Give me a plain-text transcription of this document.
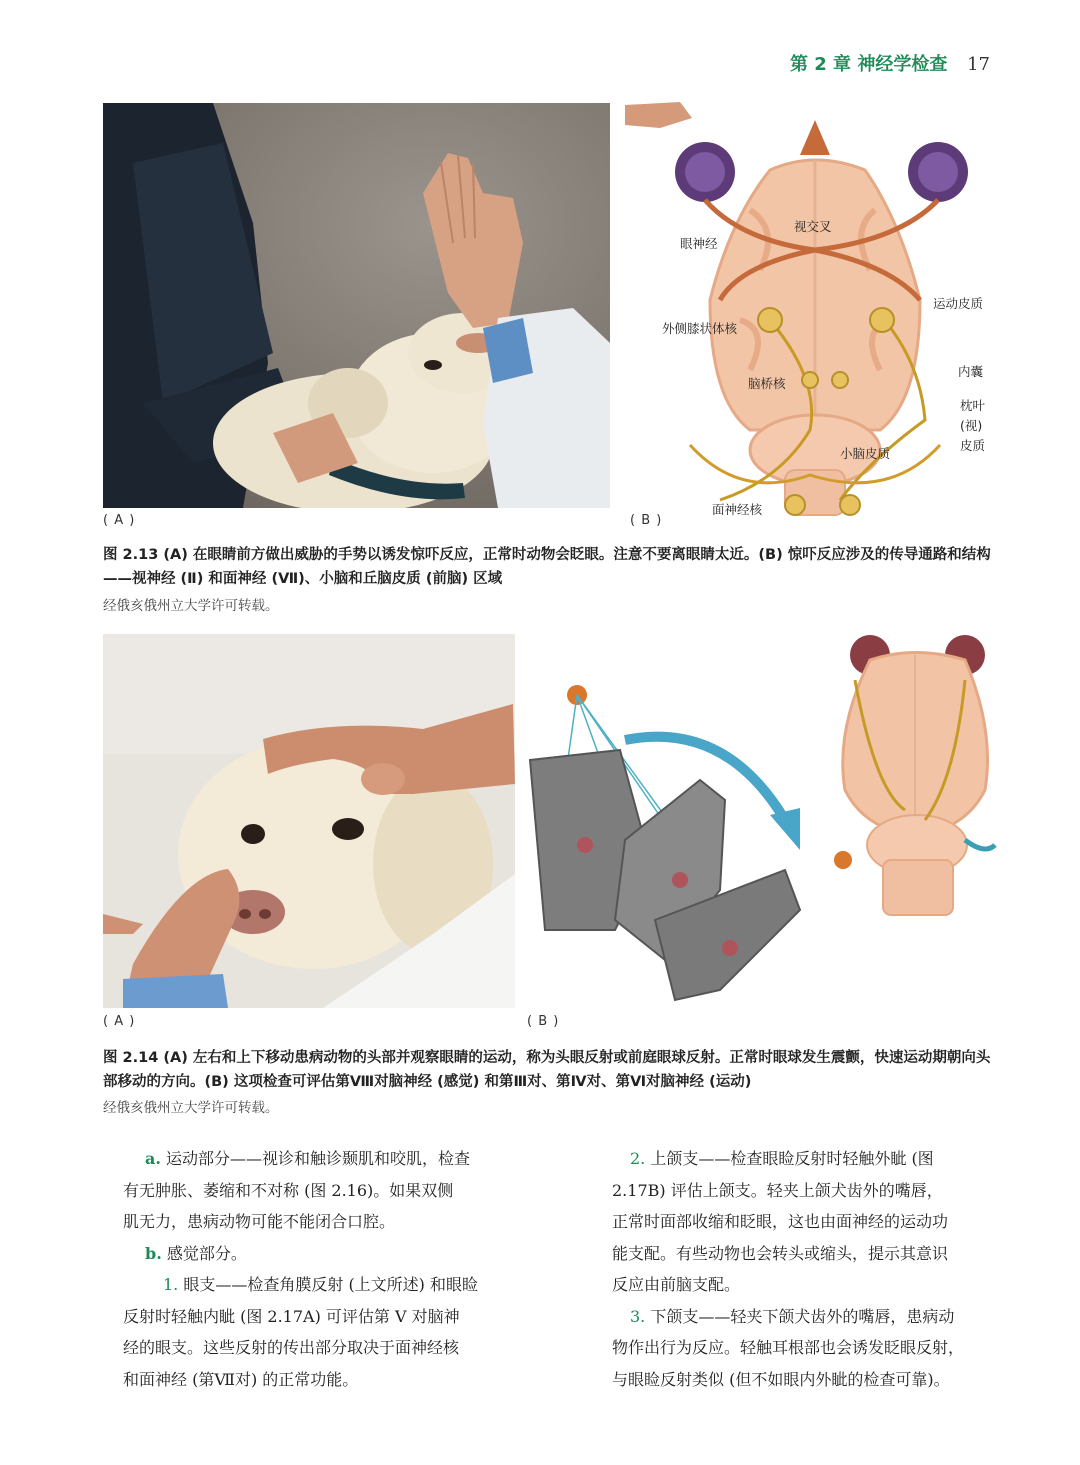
第 2 章 神经学检查 17
( A )
视交叉
眼神经
运动皮质
外侧膝状体核
内囊
脑桥核
枕叶
(视)
皮质
小脑皮质
面神经核
( B )
图 2.13 (A) 在眼睛前方做出威胁的手势以诱发惊吓反应，正常时动物会眨眼。注意不要离眼睛太近。(B) 惊吓反应涉及的传导通路和结构——视神经 (Ⅱ) 和面神经 (Ⅶ)、小脑和丘脑皮质 (前脑) 区域
经俄亥俄州立大学许可转载。
( A )	( B )
图 2.14 (A) 左右和上下移动患病动物的头部并观察眼睛的运动，称为头眼反射或前庭眼球反射。正常时眼球发生震颤，快速运动期朝向头部移动的方向。(B) 这项检查可评估第Ⅷ对脑神经 (感觉) 和第Ⅲ对、第Ⅳ对、第Ⅵ对脑神经 (运动)
经俄亥俄州立大学许可转载。

a. 运动部分——视诊和触诊颞肌和咬肌，检查

有无肿胀、萎缩和不对称 (图 2.16)。如果双侧

肌无力，患病动物可能不能闭合口腔。

b. 感觉部分。

1. 眼支——检查角膜反射 (上文所述) 和眼睑

反射时轻触内眦 (图 2.17A) 可评估第 Ⅴ 对脑神

经的眼支。这些反射的传出部分取决于面神经核

和面神经 (第Ⅶ对) 的正常功能。

2. 上颌支——检查眼睑反射时轻触外眦 (图

2.17B) 评估上颌支。轻夹上颌犬齿外的嘴唇，

正常时面部收缩和眨眼，这也由面神经的运动功

能支配。有些动物也会转头或缩头，提示其意识

反应由前脑支配。

3. 下颌支——轻夹下颌犬齿外的嘴唇，患病动

物作出行为反应。轻触耳根部也会诱发眨眼反射，

与眼睑反射类似 (但不如眼内外眦的检查可靠)。
